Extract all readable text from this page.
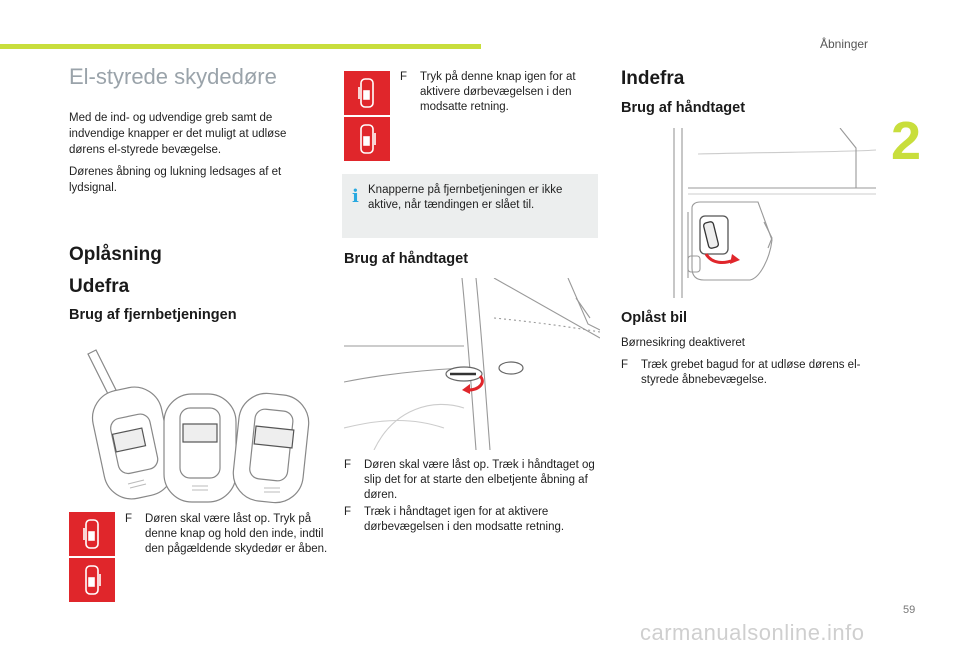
Åbninger
2
El-styrede skydedøre
Med de ind- og udvendige greb samt de indvendige knapper er det muligt at udløse dørens el-styrede bevægelse.
Dørenes åbning og lukning ledsages af et lydsignal.
Oplåsning
Udefra
Brug af fjernbetjeningen
F Døren skal være låst op. Tryk på denne knap og hold den inde, indtil den pågældende skydedør er åben.
F Tryk på denne knap igen for at aktivere dørbevægelsen i den modsatte retning.
i Knapperne på fjernbetjeningen er ikke aktive, når tændingen er slået til.
Brug af håndtaget
F Døren skal være låst op. Træk i håndtaget og slip det for at starte den elbetjente åbning af døren.
F Træk i håndtaget igen for at aktivere dørbevægelsen i den modsatte retning.
Indefra
Brug af håndtaget
Oplåst bil
Børnesikring deaktiveret
F Træk grebet bagud for at udløse dørens el-styrede åbnebevægelse.
59
carmanualsonline.info
